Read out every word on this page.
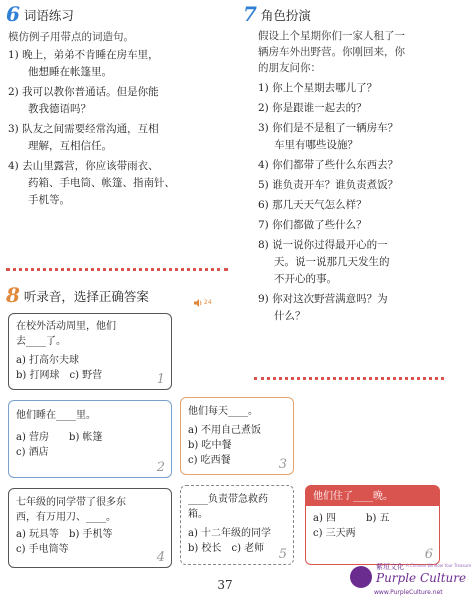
6 词语练习
模仿例子用带点的词造句。
1) 晚上，弟弟不肯睡在房车里，
他想睡在帐篷里。
2) 我可以教你普通话。但是你能
教我德语吗？
3) 队友之间需要经常沟通，互相
理解，互相信任。
4) 去山里露营，你应该带雨衣、
药箱、手电筒、帐篷、指南针、
手机等。
7 角色扮演
假设上个星期你们一家人租了一
辆房车外出野营。你刚回来，你
的朋友问你：
1) 你上个星期去哪儿了？
2) 你是跟谁一起去的？
3) 你们是不是租了一辆房车？
车里有哪些设施？
4) 你们都带了些什么东西去？
5) 谁负责开车？谁负责煮饭？
6) 那几天天气怎么样？
7) 你们都做了些什么？
8) 说一说你过得最开心的一
天。说一说那几天发生的
不开心的事。
9) 你对这次野营满意吗？为
什么？
8 听录音，选择正确答案	24
在校外活动周里，他们
去____了。
a) 打高尔夫球
b) 打网球　c) 野营	1
他们睡在____里。
a) 营房　　b) 帐篷
c) 酒店
2
他们每天____。
a) 不用自己煮饭
b) 吃中餐
c) 吃西餐	3
七年级的同学带了很多东
西，有万用刀、____。
a) 玩具等　b) 手机等
c) 手电筒等
4
____负责带急救药箱。
a) 十二年级的同学
b) 校长　c) 老师	5
他们住了____晚。
a) 四　　　b) 五
c) 三天两
6
37
紫垣文化 A Chinese Window Your Treasure
Purple Culture
www.PurpleCulture.net
